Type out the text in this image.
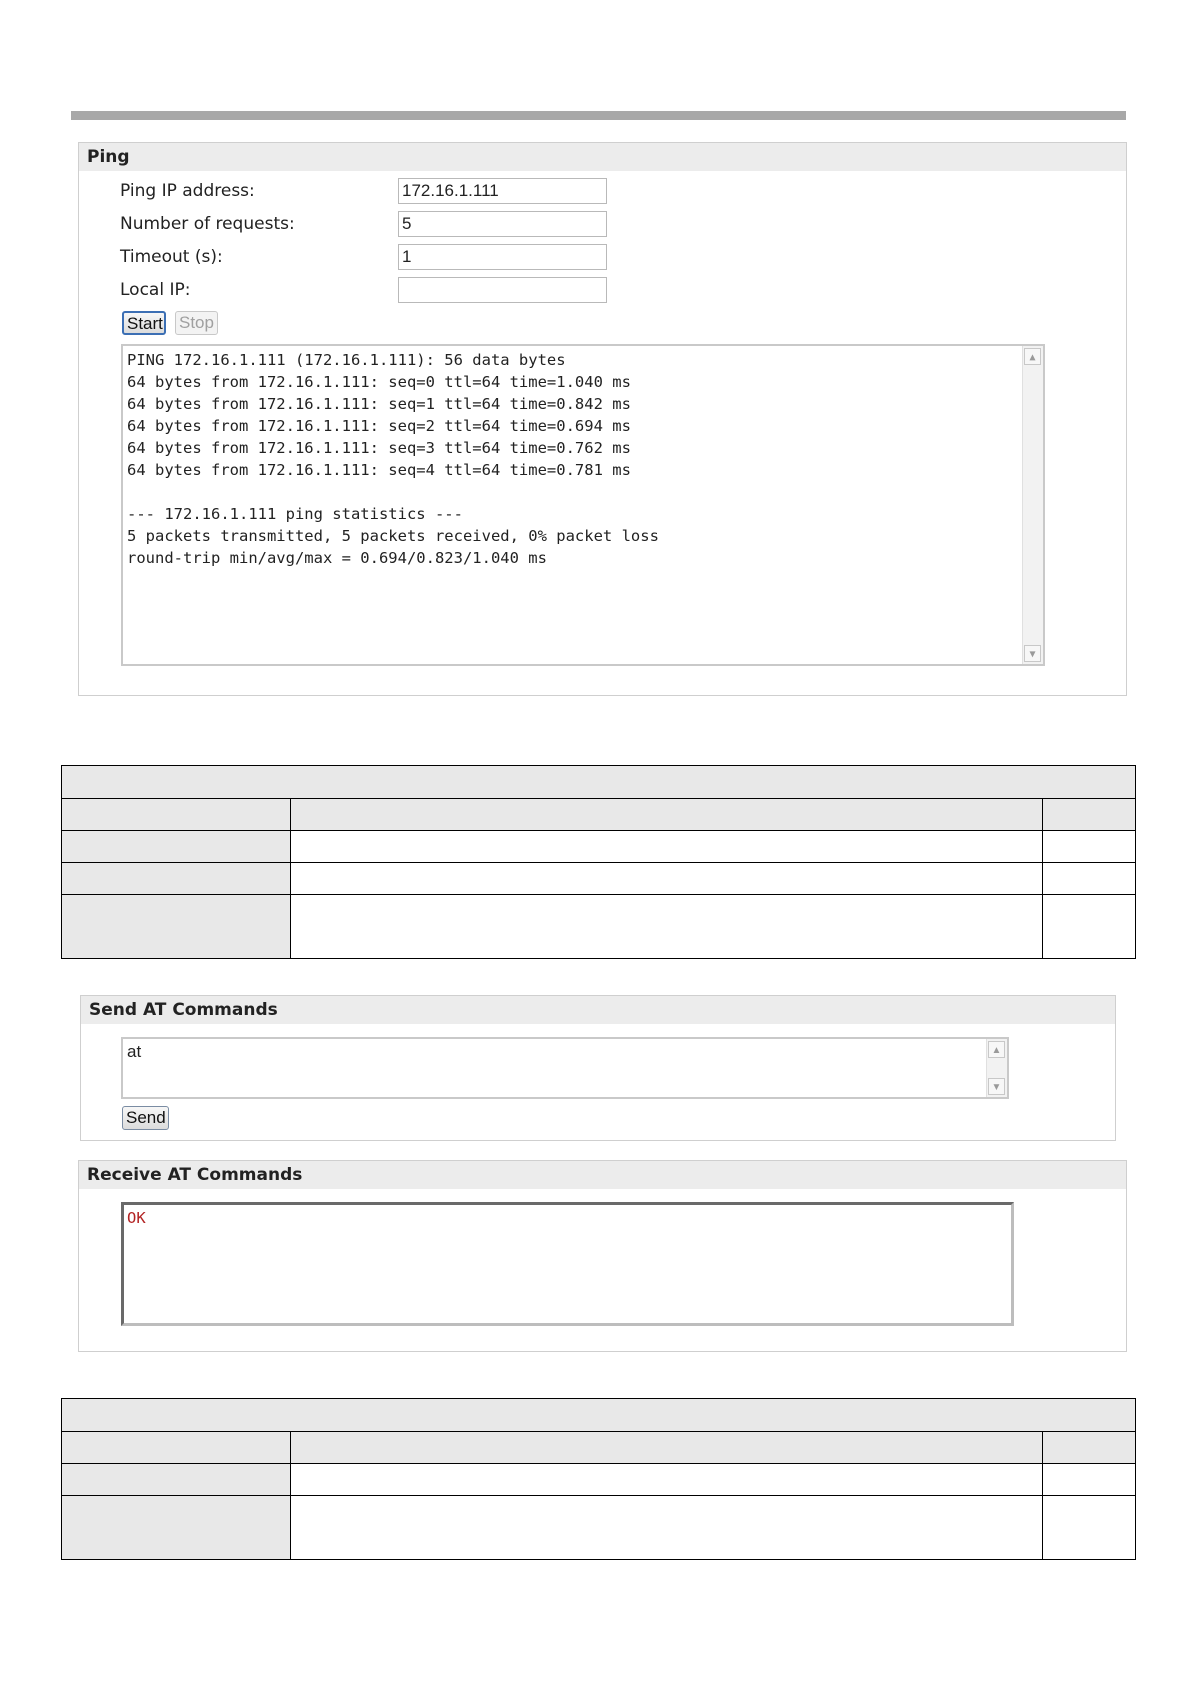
Ping
Ping IP address:
172.16.1.111
Number of requests:
5
Timeout (s):
1
Local IP:
Start Stop
PING 172.16.1.111 (172.16.1.111): 56 data bytes
64 bytes from 172.16.1.111: seq=0 ttl=64 time=1.040 ms
64 bytes from 172.16.1.111: seq=1 ttl=64 time=0.842 ms
64 bytes from 172.16.1.111: seq=2 ttl=64 time=0.694 ms
64 bytes from 172.16.1.111: seq=3 ttl=64 time=0.762 ms
64 bytes from 172.16.1.111: seq=4 ttl=64 time=0.781 ms

--- 172.16.1.111 ping statistics ---
5 packets transmitted, 5 packets received, 0% packet loss
round-trip min/avg/max = 0.694/0.823/1.040 ms
▲
▼

Send AT Commands
at	▲
▼
Send
Receive AT Commands
OK
